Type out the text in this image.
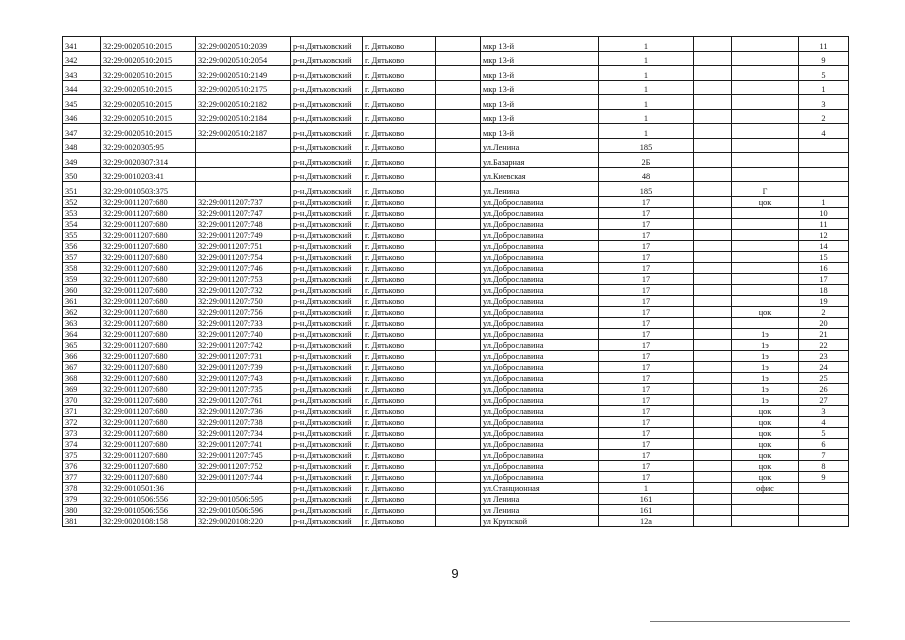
341	32:29:0020510:2015	32:29:0020510:2039	р-н.Дятьковский	г. Дятьково		мкр 13-й	1			11
342	32:29:0020510:2015	32:29:0020510:2054	р-н.Дятьковский	г. Дятьково		мкр 13-й	1			9
343	32:29:0020510:2015	32:29:0020510:2149	р-н.Дятьковский	г. Дятьково		мкр 13-й	1			5
344	32:29:0020510:2015	32:29:0020510:2175	р-н.Дятьковский	г. Дятьково		мкр 13-й	1			1
345	32:29:0020510:2015	32:29:0020510:2182	р-н.Дятьковский	г. Дятьково		мкр 13-й	1			3
346	32:29:0020510:2015	32:29:0020510:2184	р-н.Дятьковский	г. Дятьково		мкр 13-й	1			2
347	32:29:0020510:2015	32:29:0020510:2187	р-н.Дятьковский	г. Дятьково		мкр 13-й	1			4
348	32:29:0020305:95		р-н.Дятьковский	г. Дятьково		ул.Ленина	185			
349	32:29:0020307:314		р-н.Дятьковский	г. Дятьково		ул.Базарная	2Б			
350	32:29:0010203:41		р-н.Дятьковский	г. Дятьково		ул.Киевская	48			
351	32:29:0010503:375		р-н.Дятьковский	г. Дятьково		ул.Ленина	185		Г	
352	32:29:0011207:680	32:29:0011207:737	р-н.Дятьковский	г. Дятьково		ул.Доброславина	17		цок	1
353	32:29:0011207:680	32:29:0011207:747	р-н.Дятьковский	г. Дятьково		ул.Доброславина	17			10
354	32:29:0011207:680	32:29:0011207:748	р-н.Дятьковский	г. Дятьково		ул.Доброславина	17			11
355	32:29:0011207:680	32:29:0011207:749	р-н.Дятьковский	г. Дятьково		ул.Доброславина	17			12
356	32:29:0011207:680	32:29:0011207:751	р-н.Дятьковский	г. Дятьково		ул.Доброславина	17			14
357	32:29:0011207:680	32:29:0011207:754	р-н.Дятьковский	г. Дятьково		ул.Доброславина	17			15
358	32:29:0011207:680	32:29:0011207:746	р-н.Дятьковский	г. Дятьково		ул.Доброславина	17			16
359	32:29:0011207:680	32:29:0011207:753	р-н.Дятьковский	г. Дятьково		ул.Доброславина	17			17
360	32:29:0011207:680	32:29:0011207:732	р-н.Дятьковский	г. Дятьково		ул.Доброславина	17			18
361	32:29:0011207:680	32:29:0011207:750	р-н.Дятьковский	г. Дятьково		ул.Доброславина	17			19
362	32:29:0011207:680	32:29:0011207:756	р-н.Дятьковский	г. Дятьково		ул.Доброславина	17		цок	2
363	32:29:0011207:680	32:29:0011207:733	р-н.Дятьковский	г. Дятьково		ул.Доброславина	17			20
364	32:29:0011207:680	32:29:0011207:740	р-н.Дятьковский	г. Дятьково		ул.Доброславина	17		1э	21
365	32:29:0011207:680	32:29:0011207:742	р-н.Дятьковский	г. Дятьково		ул.Доброславина	17		1э	22
366	32:29:0011207:680	32:29:0011207:731	р-н.Дятьковский	г. Дятьково		ул.Доброславина	17		1э	23
367	32:29:0011207:680	32:29:0011207:739	р-н.Дятьковский	г. Дятьково		ул.Доброславина	17		1э	24
368	32:29:0011207:680	32:29:0011207:743	р-н.Дятьковский	г. Дятьково		ул.Доброславина	17		1э	25
369	32:29:0011207:680	32:29:0011207:735	р-н.Дятьковский	г. Дятьково		ул.Доброславина	17		1э	26
370	32:29:0011207:680	32:29:0011207:761	р-н.Дятьковский	г. Дятьково		ул.Доброславина	17		1э	27
371	32:29:0011207:680	32:29:0011207:736	р-н.Дятьковский	г. Дятьково		ул.Доброславина	17		цок	3
372	32:29:0011207:680	32:29:0011207:738	р-н.Дятьковский	г. Дятьково		ул.Доброславина	17		цок	4
373	32:29:0011207:680	32:29:0011207:734	р-н.Дятьковский	г. Дятьково		ул.Доброславина	17		цок	5
374	32:29:0011207:680	32:29:0011207:741	р-н.Дятьковский	г. Дятьково		ул.Доброславина	17		цок	6
375	32:29:0011207:680	32:29:0011207:745	р-н.Дятьковский	г. Дятьково		ул.Доброславина	17		цок	7
376	32:29:0011207:680	32:29:0011207:752	р-н.Дятьковский	г. Дятьково		ул.Доброславина	17		цок	8
377	32:29:0011207:680	32:29:0011207:744	р-н.Дятьковский	г. Дятьково		ул.Доброславина	17		цок	9
378	32:29:0010501:36		р-н.Дятьковский	г. Дятьково		ул.Станционная	1		офис	
379	32:29:0010506:556	32:29:0010506:595	р-н.Дятьковский	г. Дятьково		ул Ленина	161			
380	32:29:0010506:556	32:29:0010506:596	р-н.Дятьковский	г. Дятьково		ул Ленина	161			
381	32:29:0020108:158	32:29:0020108:220	р-н.Дятьковский	г. Дятьково		ул Крупской	12а			
9
